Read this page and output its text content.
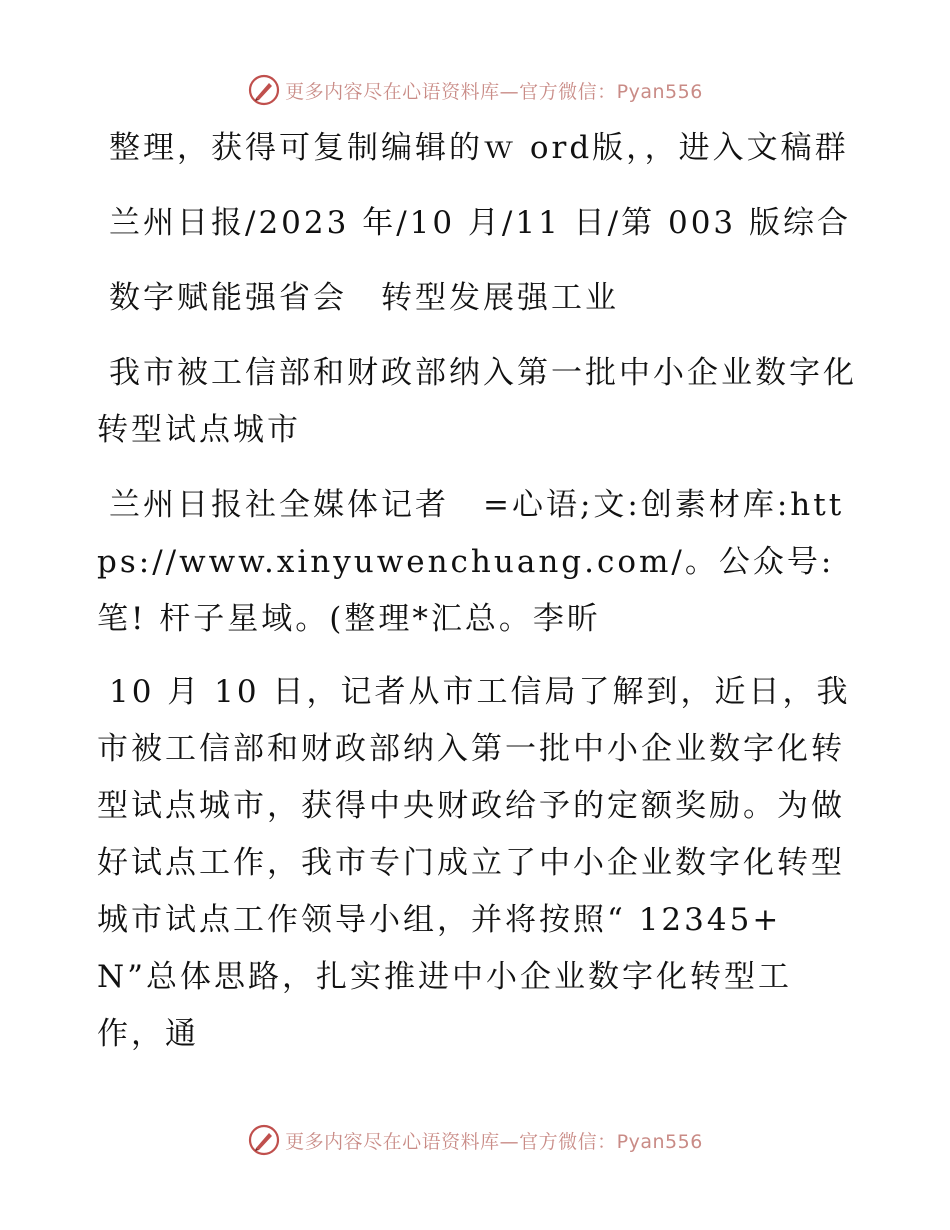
更多内容尽在心语资料库—官方微信：Pyan556

整理，获得可复制编辑的ｗ ord版，，进入文稿群

兰州日报/2023 年/10 月/11 日/第 003 版综合

数字赋能强省会　转型发展强工业

我市被工信部和财政部纳入第一批中小企业数字化转型试点城市

兰州日报社全媒体记者　=心语;文:创素材库:https://www.xinyuwenchuang.com/。公众号:笔! 杆子星域。(整理*汇总。李昕

10 月 10 日，记者从市工信局了解到，近日，我市被工信部和财政部纳入第一批中小企业数字化转型试点城市，获得中央财政给予的定额奖励。为做好试点工作，我市专门成立了中小企业数字化转型城市试点工作领导小组，并将按照“ 12345+N”总体思路，扎实推进中小企业数字化转型工作，通

更多内容尽在心语资料库—官方微信：Pyan556
